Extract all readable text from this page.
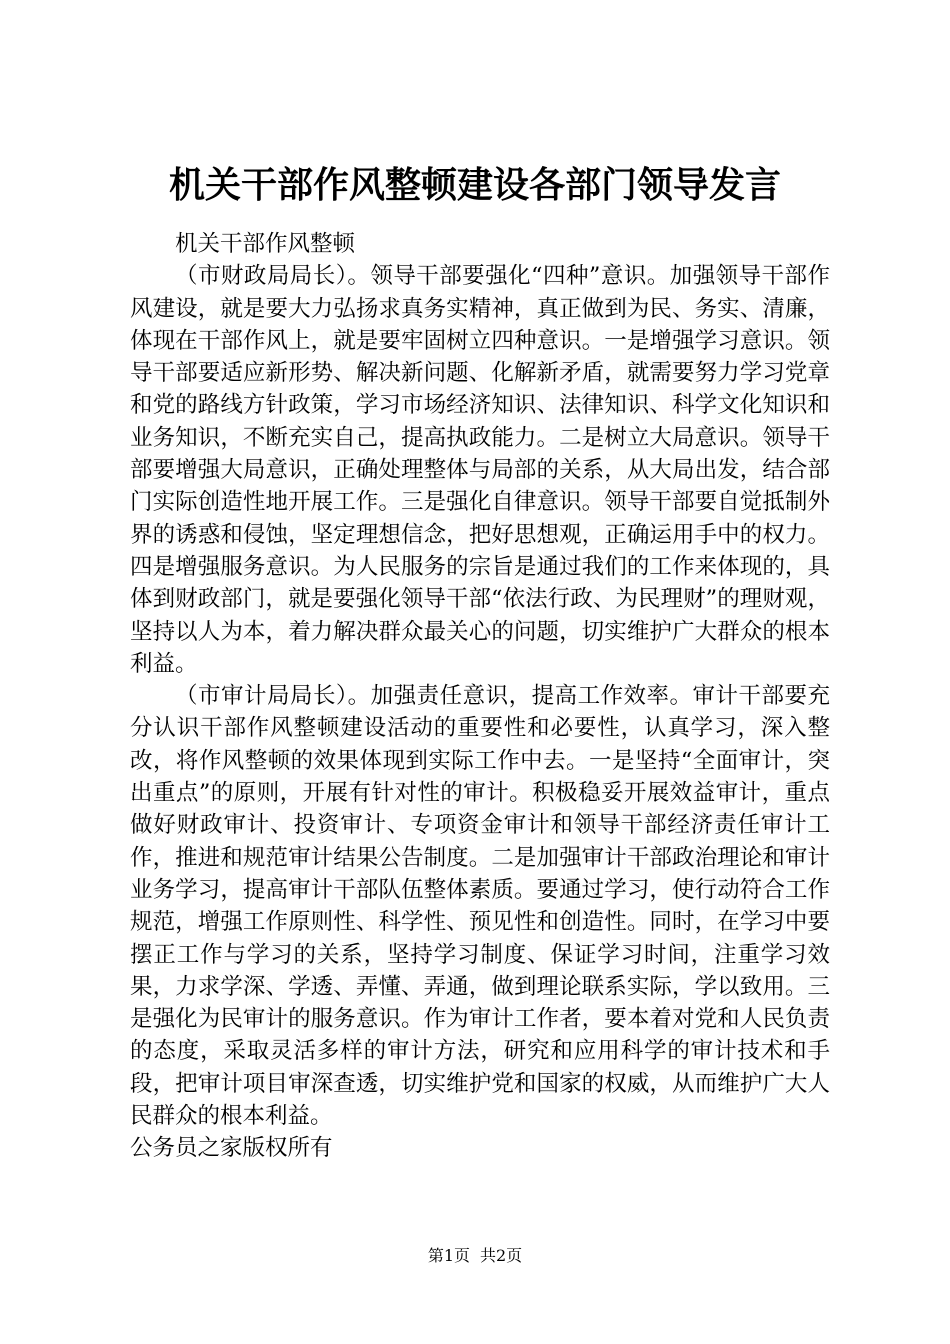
机关干部作风整顿建设各部门领导发言

机关干部作风整顿

（市财政局局长）。领导干部要强化“四种”意识。加强领导干部作风建设，就是要大力弘扬求真务实精神，真正做到为民、务实、清廉，体现在干部作风上，就是要牢固树立四种意识。一是增强学习意识。领导干部要适应新形势、解决新问题、化解新矛盾，就需要努力学习党章和党的路线方针政策，学习市场经济知识、法律知识、科学文化知识和业务知识，不断充实自己，提高执政能力。二是树立大局意识。领导干部要增强大局意识，正确处理整体与局部的关系，从大局出发，结合部门实际创造性地开展工作。三是强化自律意识。领导干部要自觉抵制外界的诱惑和侵蚀，坚定理想信念，把好思想观，正确运用手中的权力。四是增强服务意识。为人民服务的宗旨是通过我们的工作来体现的，具体到财政部门，就是要强化领导干部“依法行政、为民理财”的理财观，坚持以人为本，着力解决群众最关心的问题，切实维护广大群众的根本利益。

（市审计局局长）。加强责任意识，提高工作效率。审计干部要充分认识干部作风整顿建设活动的重要性和必要性，认真学习，深入整改，将作风整顿的效果体现到实际工作中去。一是坚持“全面审计，突出重点”的原则，开展有针对性的审计。积极稳妥开展效益审计，重点做好财政审计、投资审计、专项资金审计和领导干部经济责任审计工作，推进和规范审计结果公告制度。二是加强审计干部政治理论和审计业务学习，提高审计干部队伍整体素质。要通过学习，使行动符合工作规范，增强工作原则性、科学性、预见性和创造性。同时，在学习中要摆正工作与学习的关系，坚持学习制度、保证学习时间，注重学习效果，力求学深、学透、弄懂、弄通，做到理论联系实际，学以致用。三是强化为民审计的服务意识。作为审计工作者，要本着对党和人民负责的态度，采取灵活多样的审计方法，研究和应用科学的审计技术和手段，把审计项目审深查透，切实维护党和国家的权威，从而维护广大人民群众的根本利益。

公务员之家版权所有

第1页 共2页
